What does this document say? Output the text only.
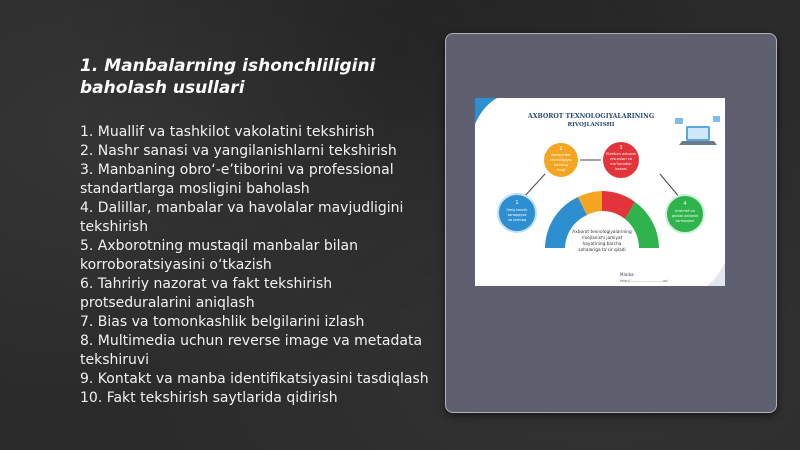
1. Manbalarning ishonchliligini baholash usullari
1. Muallif va tashkilot vakolatini tekshirish
2. Nashr sanasi va yangilanishlarni tekshirish
3. Manbaning obro‘-e’tiborini va professional standartlarga mosligini baholash
4. Dalillar, manbalar va havolalar mavjudligini tekshirish
5. Axborotning mustaqil manbalar bilan korroboratsiyasini o‘tkazish
6. Tahririy nazorat va fakt tekshirish protseduralarini aniqlash
7. Bias va tomonkashlik belgilarini izlash
8. Multimedia uchun reverse image va metadata tekshiruvi
9. Kontakt va manba identifikatsiyasini tasdiqlash
10. Fakt tekshirish saytlarida qidirish
AXBOROT TEXNOLOGIYALARINING
RIVOJLANISHI
Axborot texnologiyalarining
rivojlanishi jamiyat
hayotining barcha
sohalariga ta'sir qiladi
2
Kompyuter
texnologiya-
larining
rivoji
3
Elektron axborot
resurslari va
ma'lumotlar
bazasi
1
Ilmiy-texnik
taraqqiyot
va tarmoq
4
Internet va
global axborot
tarmoqlari
Manba:
http://..............................uz/
